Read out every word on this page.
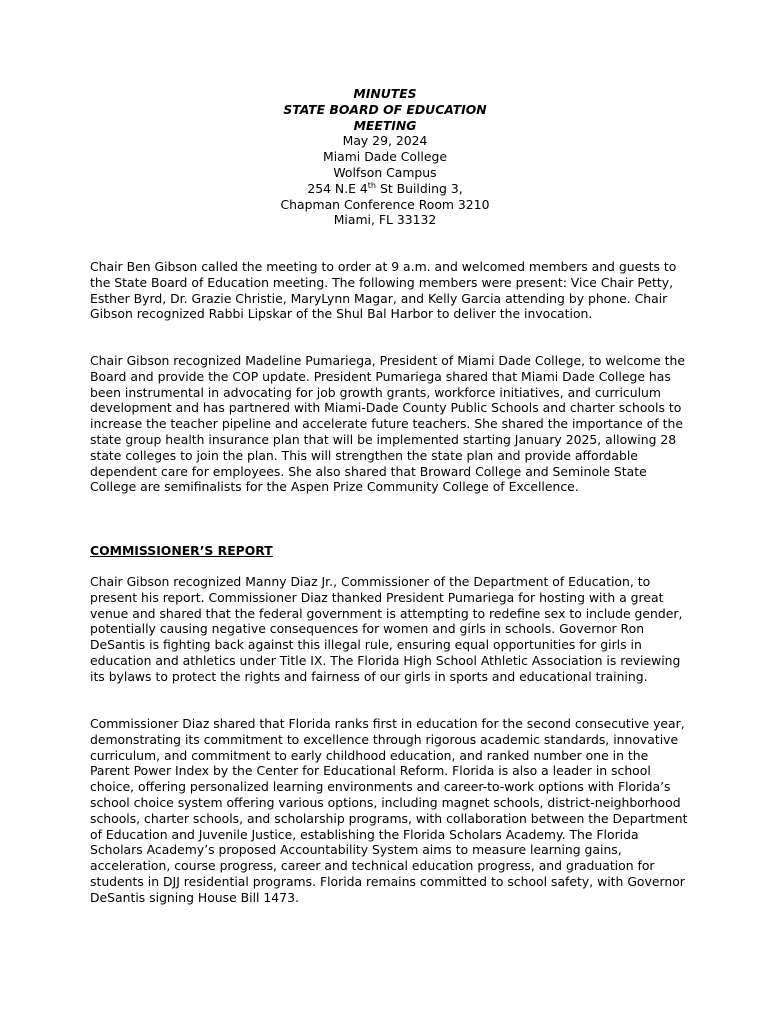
MINUTES
STATE BOARD OF EDUCATION
MEETING
May 29, 2024
Miami Dade College
Wolfson Campus
254 N.E 4th St Building 3,
Chapman Conference Room 3210
Miami, FL 33132

Chair Ben Gibson called the meeting to order at 9 a.m. and welcomed members and guests to the State Board of Education meeting. The following members were present: Vice Chair Petty, Esther Byrd, Dr. Grazie Christie, MaryLynn Magar, and Kelly Garcia attending by phone. Chair Gibson recognized Rabbi Lipskar of the Shul Bal Harbor to deliver the invocation.

Chair Gibson recognized Madeline Pumariega, President of Miami Dade College, to welcome the Board and provide the COP update. President Pumariega shared that Miami Dade College has been instrumental in advocating for job growth grants, workforce initiatives, and curriculum development and has partnered with Miami-Dade County Public Schools and charter schools to increase the teacher pipeline and accelerate future teachers. She shared the importance of the state group health insurance plan that will be implemented starting January 2025, allowing 28 state colleges to join the plan. This will strengthen the state plan and provide affordable dependent care for employees. She also shared that Broward College and Seminole State College are semifinalists for the Aspen Prize Community College of Excellence.

COMMISSIONER’S REPORT

Chair Gibson recognized Manny Diaz Jr., Commissioner of the Department of Education, to present his report. Commissioner Diaz thanked President Pumariega for hosting with a great venue and shared that the federal government is attempting to redefine sex to include gender, potentially causing negative consequences for women and girls in schools. Governor Ron DeSantis is fighting back against this illegal rule, ensuring equal opportunities for girls in education and athletics under Title IX. The Florida High School Athletic Association is reviewing its bylaws to protect the rights and fairness of our girls in sports and educational training.

Commissioner Diaz shared that Florida ranks first in education for the second consecutive year, demonstrating its commitment to excellence through rigorous academic standards, innovative curriculum, and commitment to early childhood education, and ranked number one in the Parent Power Index by the Center for Educational Reform. Florida is also a leader in school choice, offering personalized learning environments and career-to-work options with Florida’s school choice system offering various options, including magnet schools, district-neighborhood schools, charter schools, and scholarship programs, with collaboration between the Department of Education and Juvenile Justice, establishing the Florida Scholars Academy. The Florida Scholars Academy’s proposed Accountability System aims to measure learning gains, acceleration, course progress, career and technical education progress, and graduation for students in DJJ residential programs. Florida remains committed to school safety, with Governor DeSantis signing House Bill 1473.
